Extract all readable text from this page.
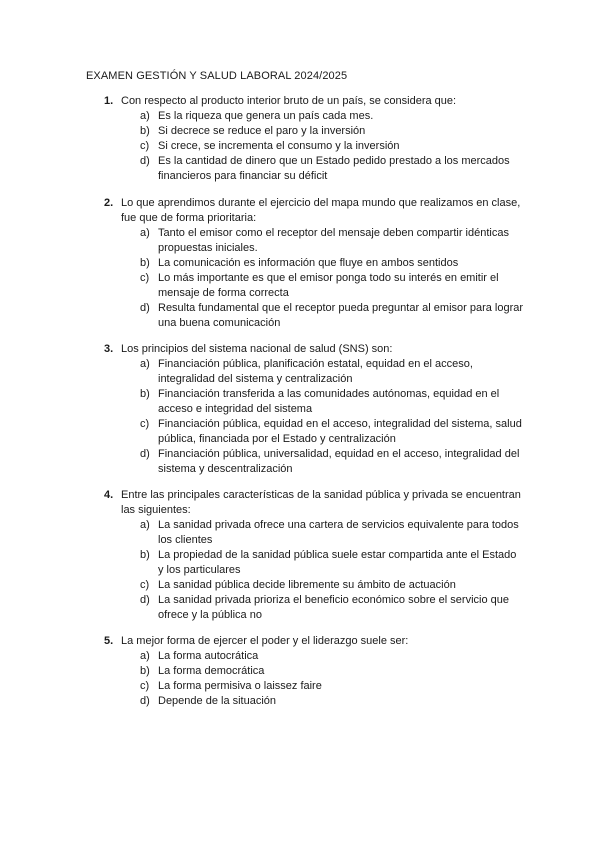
EXAMEN GESTIÓN Y SALUD LABORAL 2024/2025
1. Con respecto al producto interior bruto de un país, se considera que:
a) Es la riqueza que genera un país cada mes.
b) Si decrece se reduce el paro y la inversión
c) Si crece, se incrementa el consumo y la inversión
d) Es la cantidad de dinero que un Estado pedido prestado a los mercados financieros para financiar su déficit
2. Lo que aprendimos durante el ejercicio del mapa mundo que realizamos en clase, fue que de forma prioritaria:
a) Tanto el emisor como el receptor del mensaje deben compartir idénticas propuestas iniciales.
b) La comunicación es información que fluye en ambos sentidos
c) Lo más importante es que el emisor ponga todo su interés en emitir el mensaje de forma correcta
d) Resulta fundamental que el receptor pueda preguntar al emisor para lograr una buena comunicación
3. Los principios del sistema nacional de salud (SNS) son:
a) Financiación pública, planificación estatal, equidad en el acceso, integralidad del sistema y centralización
b) Financiación transferida a las comunidades autónomas, equidad en el acceso e integridad del sistema
c) Financiación pública, equidad en el acceso, integralidad del sistema, salud pública, financiada por el Estado y centralización
d) Financiación pública, universalidad, equidad en el acceso, integralidad del sistema y descentralización
4. Entre las principales características de la sanidad pública y privada se encuentran las siguientes:
a) La sanidad privada ofrece una cartera de servicios equivalente para todos los clientes
b) La propiedad de la sanidad pública suele estar compartida ante el Estado y los particulares
c) La sanidad pública decide libremente su ámbito de actuación
d) La sanidad privada prioriza el beneficio económico sobre el servicio que ofrece y la pública no
5. La mejor forma de ejercer el poder y el liderazgo suele ser:
a) La forma autocrática
b) La forma democrática
c) La forma permisiva o laissez faire
d) Depende de la situación
